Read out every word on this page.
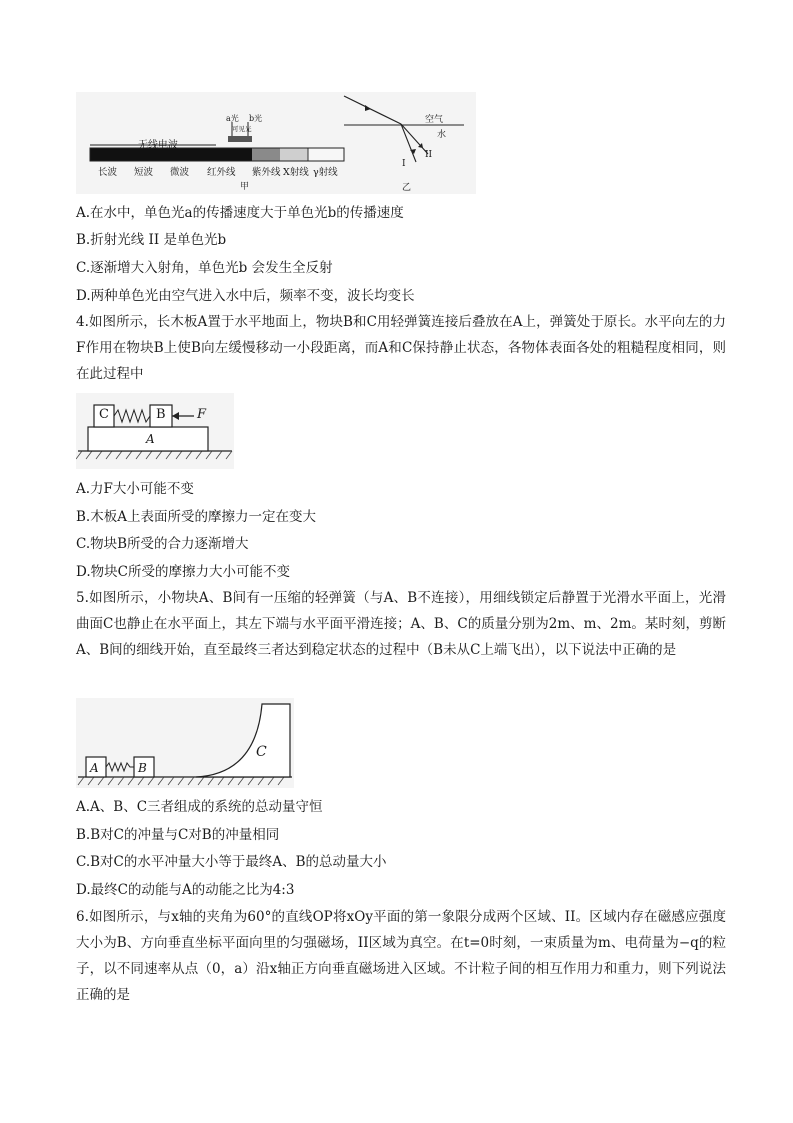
无线电波
a光 b光
可见光
长波 短波 微波 红外线 紫外线 X射线 γ射线
甲
空气
水
I
II
乙
A.在水中，单色光a的传播速度大于单色光b的传播速度
B.折射光线 II 是单色光b
C.逐渐增大入射角，单色光b 会发生全反射
D.两种单色光由空气进入水中后，频率不变，波长均变长
4.如图所示，长木板A置于水平地面上，物块B和C用轻弹簧连接后叠放在A上，弹簧处于原长。水平向左的力F作用在物块B上使B向左缓慢移动一小段距离，而A和C保持静止状态，各物体表面各处的粗糙程度相同，则在此过程中
C	B F
A
A.力F大小可能不变
B.木板A上表面所受的摩擦力一定在变大
C.物块B所受的合力逐渐增大
D.物块C所受的摩擦力大小可能不变
5.如图所示，小物块A、B间有一压缩的轻弹簧（与A、B不连接），用细线锁定后静置于光滑水平面上，光滑曲面C也静止在水平面上，其左下端与水平面平滑连接；A、B、C的质量分别为2m、m、2m。某时刻，剪断A、B间的细线开始，直至最终三者达到稳定状态的过程中（B未从C上端飞出），以下说法中正确的是
A	B
C
A.A、B、C三者组成的系统的总动量守恒
B.B对C的冲量与C对B的冲量相同
C.B对C的水平冲量大小等于最终A、B的总动量大小
D.最终C的动能与A的动能之比为4:3
6.如图所示，与x轴的夹角为60°的直线OP将xOy平面的第一象限分成两个区域、II。区域内存在磁感应强度大小为B、方向垂直坐标平面向里的匀强磁场，II区域为真空。在t=0时刻，一束质量为m、电荷量为−q的粒子，以不同速率从点（0，a）沿x轴正方向垂直磁场进入区域。不计粒子间的相互作用力和重力，则下列说法正确的是
